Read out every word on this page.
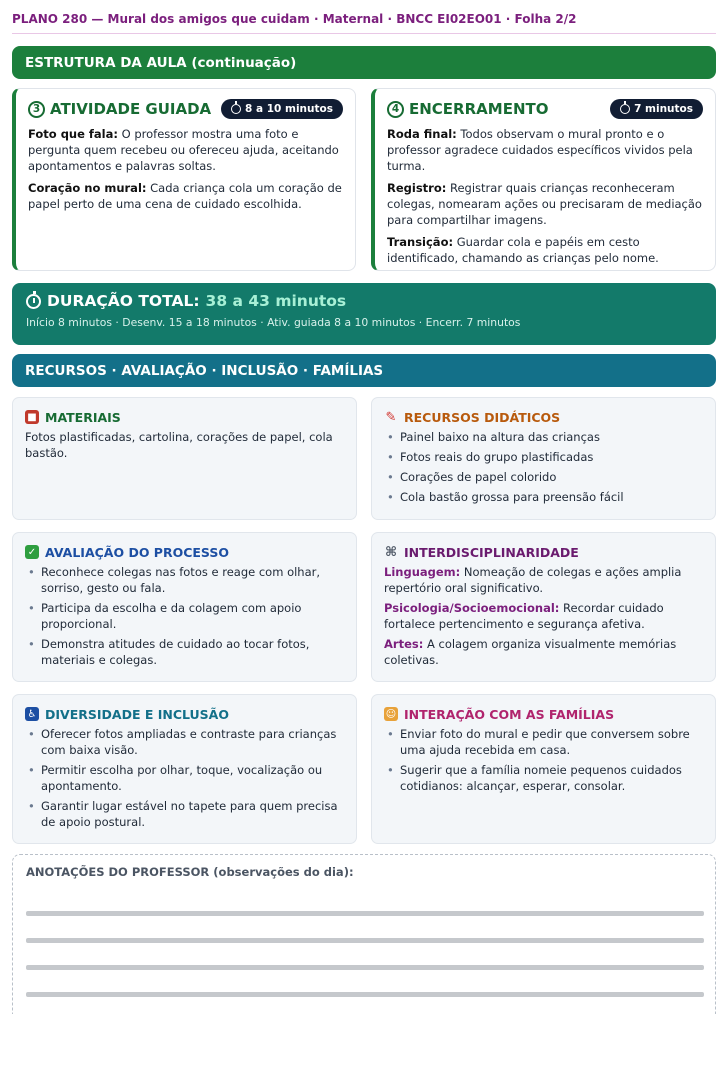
PLANO 280 — Mural dos amigos que cuidam · Maternal · BNCC EI02EO01 · Folha 2/2
ESTRUTURA DA AULA (continuação)
3 ATIVIDADE GUIADA	8 a 10 minutos

Foto que fala: O professor mostra uma foto e pergunta quem recebeu ou ofereceu ajuda, aceitando apontamentos e palavras soltas.

Coração no mural: Cada criança cola um coração de papel perto de uma cena de cuidado escolhida.

4 ENCERRAMENTO	7 minutos

Roda final: Todos observam o mural pronto e o professor agradece cuidados específicos vividos pela turma.

Registro: Registrar quais crianças reconheceram colegas, nomearam ações ou precisaram de mediação para compartilhar imagens.

Transição: Guardar cola e papéis em cesto identificado, chamando as crianças pelo nome.

DURAÇÃO TOTAL: 38 a 43 minutos
Início 8 minutos · Desenv. 15 a 18 minutos · Ativ. guiada 8 a 10 minutos · Encerr. 7 minutos
RECURSOS · AVALIAÇÃO · INCLUSÃO · FAMÍLIAS
■ MATERIAIS
Fotos plastificadas, cartolina, corações de papel, cola bastão.
✎ RECURSOS DIDÁTICOS
• Painel baixo na altura das crianças
• Fotos reais do grupo plastificadas
• Corações de papel colorido
• Cola bastão grossa para preensão fácil
✓ AVALIAÇÃO DO PROCESSO
• Reconhece colegas nas fotos e reage com olhar, sorriso, gesto ou fala.
• Participa da escolha e da colagem com apoio proporcional.
• Demonstra atitudes de cuidado ao tocar fotos, materiais e colegas.
⌘ INTERDISCIPLINARIDADE

Linguagem: Nomeação de colegas e ações amplia repertório oral significativo.

Psicologia/Socioemocional: Recordar cuidado fortalece pertencimento e segurança afetiva.

Artes: A colagem organiza visualmente memórias coletivas.

♿ DIVERSIDADE E INCLUSÃO
• Oferecer fotos ampliadas e contraste para crianças com baixa visão.
• Permitir escolha por olhar, toque, vocalização ou apontamento.
• Garantir lugar estável no tapete para quem precisa de apoio postural.
☺ INTERAÇÃO COM AS FAMÍLIAS
• Enviar foto do mural e pedir que conversem sobre uma ajuda recebida em casa.
• Sugerir que a família nomeie pequenos cuidados cotidianos: alcançar, esperar, consolar.
ANOTAÇÕES DO PROFESSOR (observações do dia):
